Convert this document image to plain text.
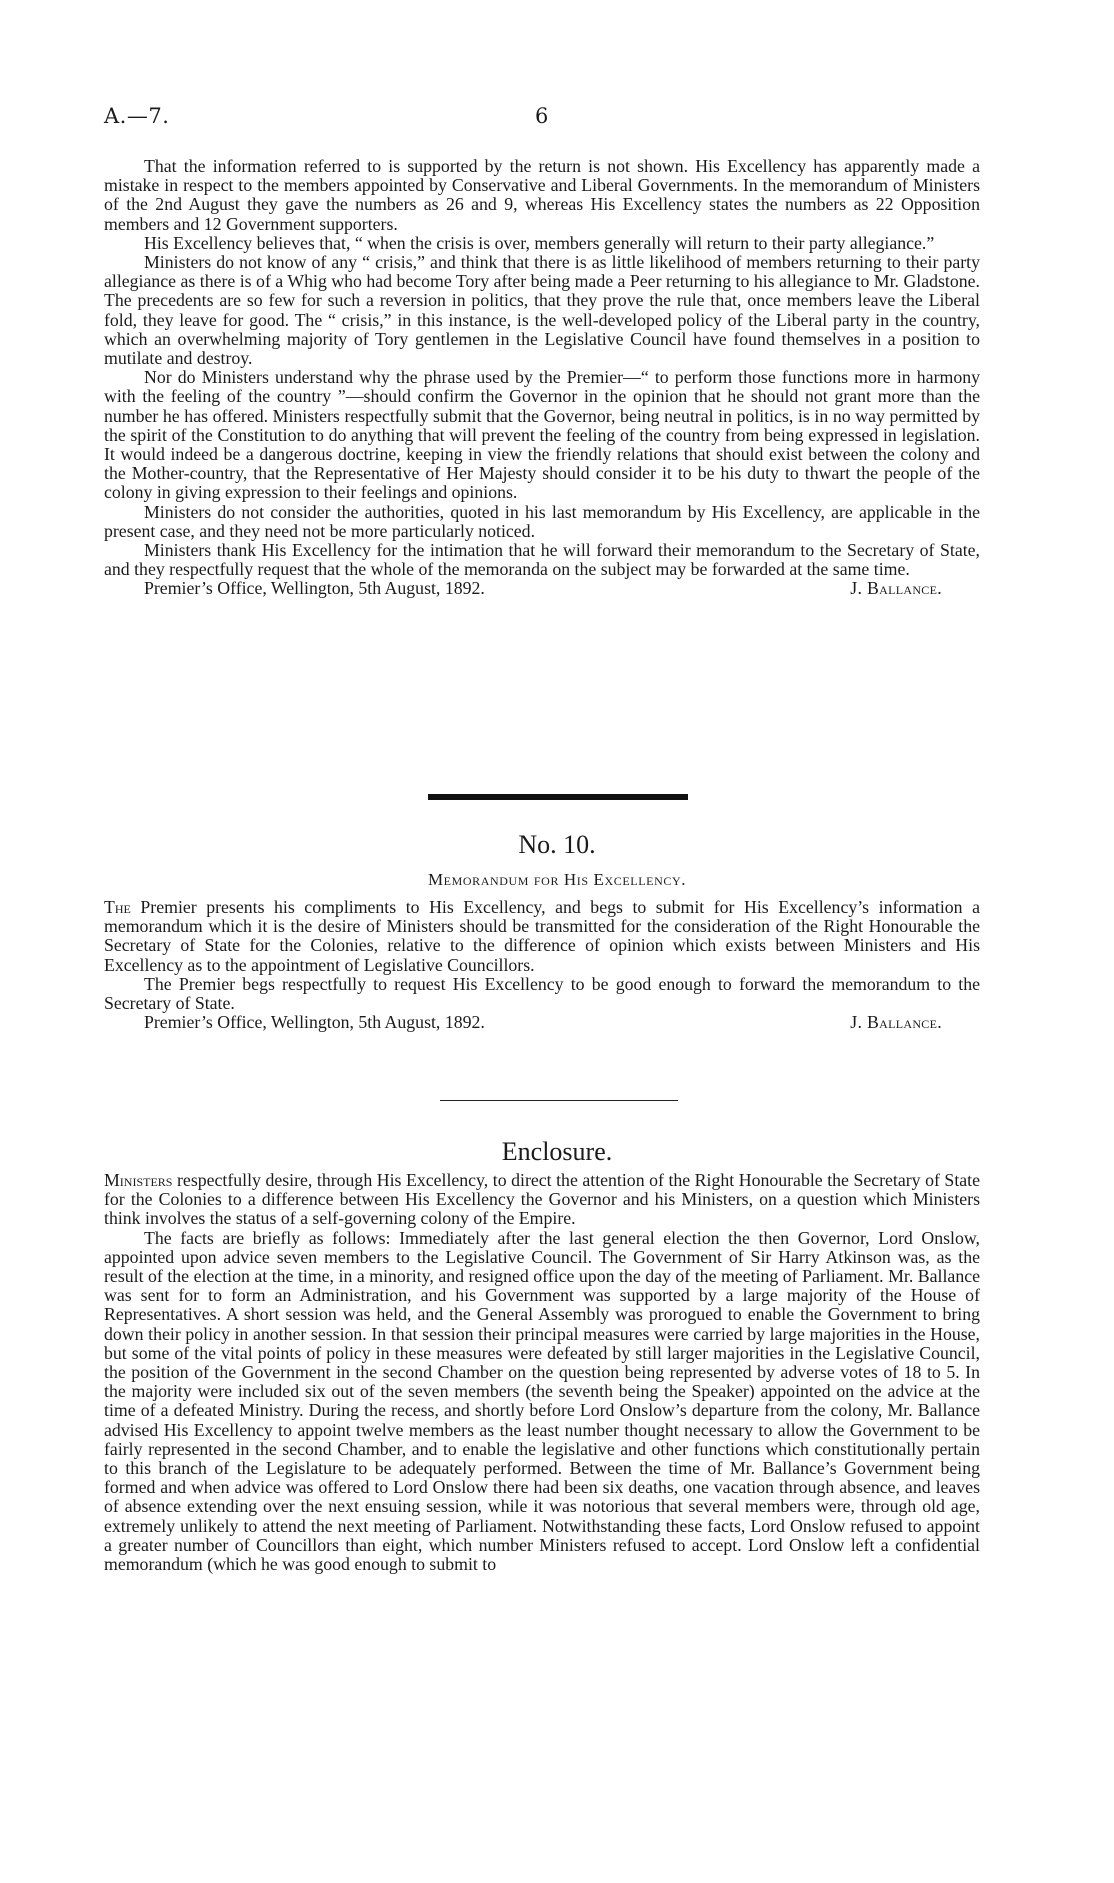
A.—7.	6

That the information referred to is supported by the return is not shown. His Excellency has apparently made a mistake in respect to the members appointed by Conservative and Liberal Governments. In the memorandum of Ministers of the 2nd August they gave the numbers as 26 and 9, whereas His Excellency states the numbers as 22 Opposition members and 12 Government supporters.

His Excellency believes that, “ when the crisis is over, members generally will return to their party allegiance.”

Ministers do not know of any “ crisis,” and think that there is as little likelihood of members returning to their party allegiance as there is of a Whig who had become Tory after being made a Peer returning to his allegiance to Mr. Gladstone. The precedents are so few for such a reversion in politics, that they prove the rule that, once members leave the Liberal fold, they leave for good. The “ crisis,” in this instance, is the well-developed policy of the Liberal party in the country, which an overwhelming majority of Tory gentlemen in the Legislative Council have found themselves in a position to mutilate and destroy.

Nor do Ministers understand why the phrase used by the Premier—“ to perform those functions more in harmony with the feeling of the country ”—should confirm the Governor in the opinion that he should not grant more than the number he has offered. Ministers respectfully submit that the Governor, being neutral in politics, is in no way permitted by the spirit of the Constitution to do anything that will prevent the feeling of the country from being expressed in legislation. It would indeed be a dangerous doctrine, keeping in view the friendly relations that should exist between the colony and the Mother-country, that the Representative of Her Majesty should consider it to be his duty to thwart the people of the colony in giving expression to their feelings and opinions.

Ministers do not consider the authorities, quoted in his last memorandum by His Excellency, are applicable in the present case, and they need not be more particularly noticed.

Ministers thank His Excellency for the intimation that he will forward their memorandum to the Secretary of State, and they respectfully request that the whole of the memoranda on the subject may be forwarded at the same time.

Premier’s Office, Wellington, 5th August, 1892.	J. Ballance.
No. 10.
Memorandum for His Excellency.

The Premier presents his compliments to His Excellency, and begs to submit for His Excellency’s information a memorandum which it is the desire of Ministers should be transmitted for the consideration of the Right Honourable the Secretary of State for the Colonies, relative to the difference of opinion which exists between Ministers and His Excellency as to the appointment of Legislative Councillors.

The Premier begs respectfully to request His Excellency to be good enough to forward the memorandum to the Secretary of State.

Premier’s Office, Wellington, 5th August, 1892.	J. Ballance.
Enclosure.

Ministers respectfully desire, through His Excellency, to direct the attention of the Right Honourable the Secretary of State for the Colonies to a difference between His Excellency the Governor and his Ministers, on a question which Ministers think involves the status of a self-governing colony of the Empire.

The facts are briefly as follows: Immediately after the last general election the then Governor, Lord Onslow, appointed upon advice seven members to the Legislative Council. The Government of Sir Harry Atkinson was, as the result of the election at the time, in a minority, and resigned office upon the day of the meeting of Parliament. Mr. Ballance was sent for to form an Administration, and his Government was supported by a large majority of the House of Representatives. A short session was held, and the General Assembly was prorogued to enable the Government to bring down their policy in another session. In that session their principal measures were carried by large majorities in the House, but some of the vital points of policy in these measures were defeated by still larger majorities in the Legislative Council, the position of the Government in the second Chamber on the question being represented by adverse votes of 18 to 5. In the majority were included six out of the seven members (the seventh being the Speaker) appointed on the advice at the time of a defeated Ministry. During the recess, and shortly before Lord Onslow’s departure from the colony, Mr. Ballance advised His Excellency to appoint twelve members as the least number thought necessary to allow the Government to be fairly represented in the second Chamber, and to enable the legislative and other functions which constitutionally pertain to this branch of the Legislature to be adequately performed. Between the time of Mr. Ballance’s Government being formed and when advice was offered to Lord Onslow there had been six deaths, one vacation through absence, and leaves of absence extending over the next ensuing session, while it was notorious that several members were, through old age, extremely unlikely to attend the next meeting of Parliament. Notwithstanding these facts, Lord Onslow refused to appoint a greater number of Councillors than eight, which number Ministers refused to accept. Lord Onslow left a confidential memorandum (which he was good enough to submit to
